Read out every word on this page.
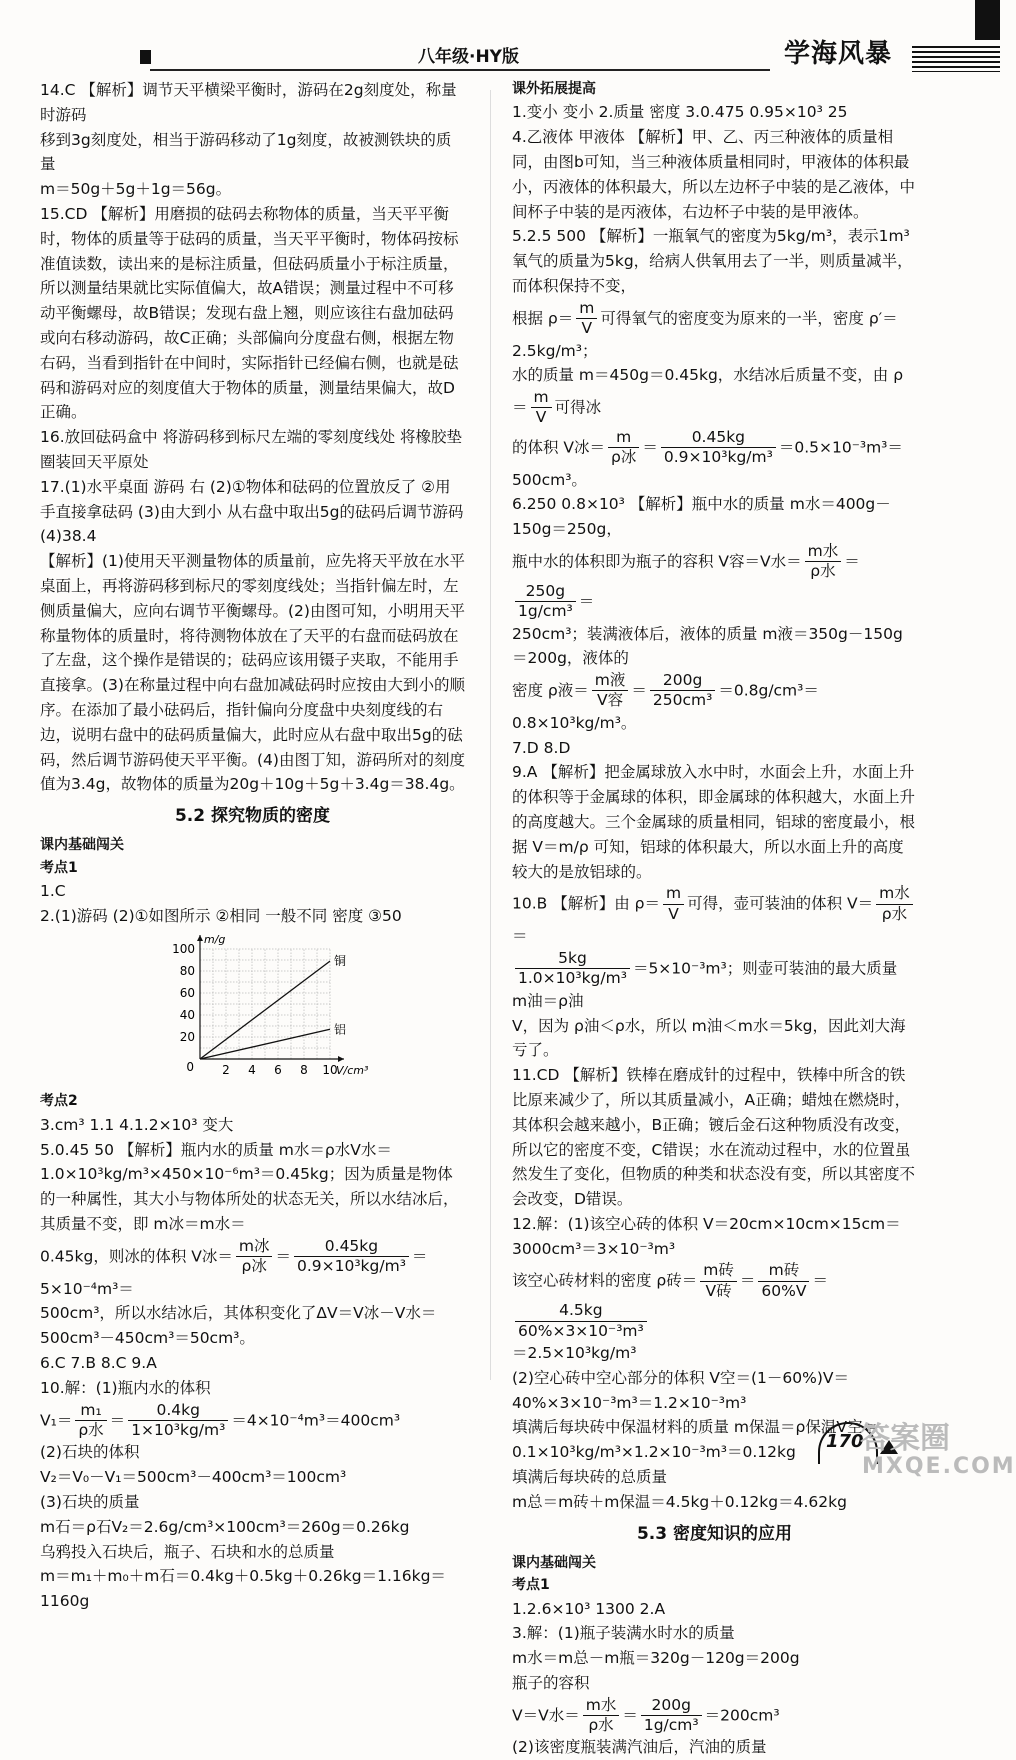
八年级·HY版	学海风暴

14.C 【解析】调节天平横梁平衡时，游码在2g刻度处，称量时游码
移到3g刻度处，相当于游码移动了1g刻度，故被测铁块的质量
m＝50g＋5g＋1g＝56g。

15.CD 【解析】用磨损的砝码去称物体的质量，当天平平衡时，物体的质量等于砝码的质量，当天平平衡时，物体码按标准值读数，读出来的是标注质量，但砝码质量小于标注质量，所以测量结果就比实际值偏大，故A错误；测量过程中不可移动平衡螺母，故B错误；发现右盘上翘，则应该往右盘加砝码或向右移动游码，故C正确；头部偏向分度盘右侧，根据左物右码，当看到指针在中间时，实际指针已经偏右侧，也就是砝码和游码对应的刻度值大于物体的质量，测量结果偏大，故D正确。

16.放回砝码盒中 将游码移到标尺左端的零刻度线处 将橡胶垫圈装回天平原处

17.(1)水平桌面 游码 右 (2)①物体和砝码的位置放反了 ②用手直接拿砝码 (3)由大到小 从右盘中取出5g的砝码后调节游码 (4)38.4

【解析】(1)使用天平测量物体的质量前，应先将天平放在水平桌面上，再将游码移到标尺的零刻度线处；当指针偏左时，左侧质量偏大，应向右调节平衡螺母。(2)由图可知，小明用天平称量物体的质量时，将待测物体放在了天平的右盘而砝码放在了左盘，这个操作是错误的；砝码应该用镊子夹取，不能用手直接拿。(3)在称量过程中向右盘加减砝码时应按由大到小的顺序。在添加了最小砝码后，指针偏向分度盘中央刻度线的右边，说明右盘中的砝码质量偏大，此时应从右盘中取出5g的砝码，然后调节游码使天平平衡。(4)由图丁知，游码所对的刻度值为3.4g，故物体的质量为20g＋10g＋5g＋3.4g＝38.4g。

5.2 探究物质的密度
课内基础闯关
考点1

1.C

2.(1)游码 (2)①如图所示 ②相同 一般不同 密度 ③50

2 4 6 8 10
20
40
60
80
100
0	V/cm³
m/g
铜
铝
考点2

3.cm³ 1.1 4.1.2×10³ 变大

5.0.45 50 【解析】瓶内水的质量 m水＝ρ水V水＝1.0×10³kg/m³×450×10⁻⁶m³＝0.45kg；因为质量是物体的一种属性，其大小与物体所处的状态无关，所以水结冰后，其质量不变，即 m冰＝m水＝

0.45kg，则冰的体积 V冰＝ $\frac{\text{m冰}}{\text{ρ冰}} = \frac{0.45kg}{\text{0.9×10³kg/m³}} =5\times 10^{-4}m^3=$

500cm³，所以水结冰后，其体积变化了ΔV＝V冰－V水＝500cm³－450cm³＝50cm³。

6.C 7.B 8.C 9.A

10.解：(1)瓶内水的体积

$V_1= \frac{\text{m₁}}{\text{ρ水}} = \frac{0.4kg}{\text{1×10³kg/m³}} =4\times 10^{-4}m^3=400cm^3$

(2)石块的体积

V₂＝V₀－V₁＝500cm³－400cm³＝100cm³

(3)石块的质量

m石＝ρ石V₂＝2.6g/cm³×100cm³＝260g＝0.26kg

乌鸦投入石块后，瓶子、石块和水的总质量

m＝m₁＋m₀＋m石＝0.4kg＋0.5kg＋0.26kg＝1.16kg＝1160g

课外拓展提高

1.变小 变小 2.质量 密度 3.0.475 0.95×10³ 25

4.乙液体 甲液体 【解析】甲、乙、丙三种液体的质量相同，由图b可知，当三种液体质量相同时，甲液体的体积最小，丙液体的体积最大，所以左边杯子中装的是乙液体，中间杯子中装的是丙液体，右边杯子中装的是甲液体。

5.2.5 500 【解析】一瓶氧气的密度为5kg/m³，表示1m³氧气的质量为5kg，给病人供氧用去了一半，则质量减半，而体积保持不变，

根据 $\rho= \frac{m}{V}$ 可得氧气的密度变为原来的一半，密度 ρ′＝2.5kg/m³；

水的质量 m＝450g＝0.45kg，水结冰后质量不变，由 $\rho= \frac{m}{V}$ 可得冰

的体积 V冰＝ $\frac{m}{\text{ρ冰}} = \frac{0.45kg}{\text{0.9×10³kg/m³}} =0.5\times 10^{-3}m^3=500cm^3$。

6.250 0.8×10³ 【解析】瓶中水的质量 m水＝400g－150g＝250g，

瓶中水的体积即为瓶子的容积 V容＝V水＝ $\frac{\text{m水}}{\text{ρ水}}$ ＝
$\frac{250g}{\text{1g/cm³}}$ ＝

250cm³；装满液体后，液体的质量 m液＝350g－150g＝200g，液体的

密度 ρ液＝ $\frac{\text{m液}}{\text{V容}} = \frac{200g}{\text{250cm³}} =0.8g/cm^3=0.8\times 10^3kg/m^3$。

7.D 8.D

9.A 【解析】把金属球放入水中时，水面会上升，水面上升的体积等于金属球的体积，即金属球的体积越大，水面上升的高度越大。三个金属球的质量相同，铝球的密度最小，根据 V＝m/ρ 可知，铝球的体积最大，所以水面上升的高度较大的是放铝球的。

10.B 【解析】由 $\rho= \frac{m}{V}$ 可得，壶可装油的体积 $V= \frac{\text{m水}}{\text{ρ水}}$
＝

$\frac{5kg}{\text{1.0×10³kg/m³}} =5\times 10^{-3}m^3$；则壶可装油的最大质量 m油＝ρ油

V，因为 ρ油＜ρ水，所以 m油＜m水＝5kg，因此刘大海亏了。

11.CD 【解析】铁棒在磨成针的过程中，铁棒中所含的铁比原来减少了，所以其质量减小，A正确；蜡烛在燃烧时，其体积会越来越小，B正确；镀后金石这种物质没有改变，所以它的密度不变，C错误；水在流动过程中，水的位置虽然发生了变化，但物质的种类和状态没有变，所以其密度不会改变，D错误。

12.解：(1)该空心砖的体积 V＝20cm×10cm×15cm＝3000cm³＝3×10⁻³m³

该空心砖材料的密度 ρ砖＝ $\frac{\text{m砖}}{\text{V砖}} = \frac{\text{m砖}}{60\%V}$ ＝
$\frac{4.5kg}{\text{60\%×3×10⁻³m³}}$

＝2.5×10³kg/m³

(2)空心砖中空心部分的体积 V空＝(1－60%)V＝40%×3×10⁻³m³＝1.2×10⁻³m³

填满后每块砖中保温材料的质量 m保温＝ρ保温V空＝0.1×10³kg/m³×1.2×10⁻³m³＝0.12kg

填满后每块砖的总质量

m总＝m砖＋m保温＝4.5kg＋0.12kg＝4.62kg

5.3 密度知识的应用
课内基础闯关
考点1

1.2.6×10³ 1300 2.A

3.解：(1)瓶子装满水时水的质量

m水＝m总－m瓶＝320g－120g＝200g

瓶子的容积

V＝V水＝ $\frac{\text{m水}}{\text{ρ水}} = \frac{200g}{\text{1g/cm³}} =200cm^3$

(2)该密度瓶装满汽油后，汽油的质量

170
答案圈
MXQE.COM
